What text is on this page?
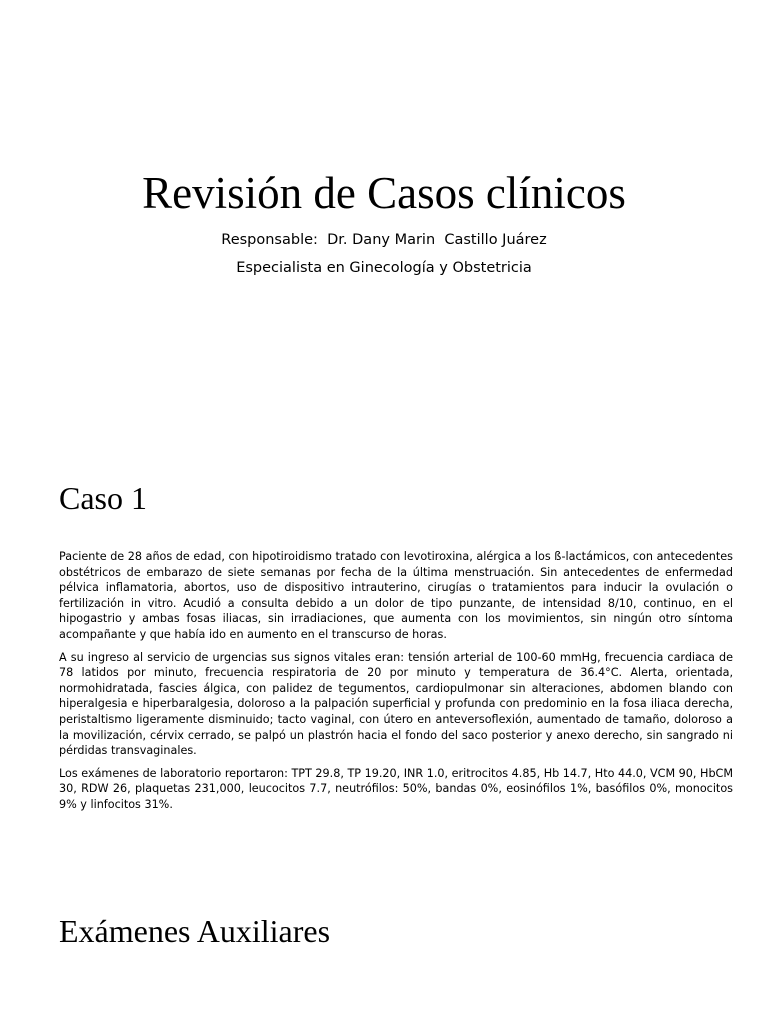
Revisión de Casos clínicos

Responsable:  Dr. Dany Marin  Castillo Juárez

Especialista en Ginecología y Obstetricia

Caso 1

Paciente de 28 años de edad, con hipotiroidismo tratado con levotiroxina, alérgica a los ß-lactámicos, con antecedentes obstétricos de embarazo de siete semanas por fecha de la última menstruación. Sin antecedentes de enfermedad pélvica inflamatoria, abortos, uso de dispositivo intrauterino, cirugías o tratamientos para inducir la ovulación o fertilización in vitro. Acudió a consulta debido a un dolor de tipo punzante, de intensidad 8/10, continuo, en el hipogastrio y ambas fosas iliacas, sin irradiaciones, que aumenta con los movimientos, sin ningún otro síntoma acompañante y que había ido en aumento en el transcurso de horas.

A su ingreso al servicio de urgencias sus signos vitales eran: tensión arterial de 100-60 mmHg, frecuencia cardiaca de 78 latidos por minuto, frecuencia respiratoria de 20 por minuto y temperatura de 36.4°C. Alerta, orientada, normohidratada, fascies álgica, con palidez de tegumentos, cardiopulmonar sin alteraciones, abdomen blando con hiperalgesia e hiperbaralgesia, doloroso a la palpación superficial y profunda con predominio en la fosa iliaca derecha, peristaltismo ligeramente disminuido; tacto vaginal, con útero en anteversoflexión, aumentado de tamaño, doloroso a la movilización, cérvix cerrado, se palpó un plastrón hacia el fondo del saco posterior y anexo derecho, sin sangrado ni pérdidas transvaginales.

Los exámenes de laboratorio reportaron: TPT 29.8, TP 19.20, INR 1.0, eritrocitos 4.85, Hb 14.7, Hto 44.0, VCM 90, HbCM 30, RDW 26, plaquetas 231,000, leucocitos 7.7, neutrófilos: 50%, bandas 0%, eosinófilos 1%, basófilos 0%, monocitos 9% y linfocitos 31%.

Exámenes Auxiliares
